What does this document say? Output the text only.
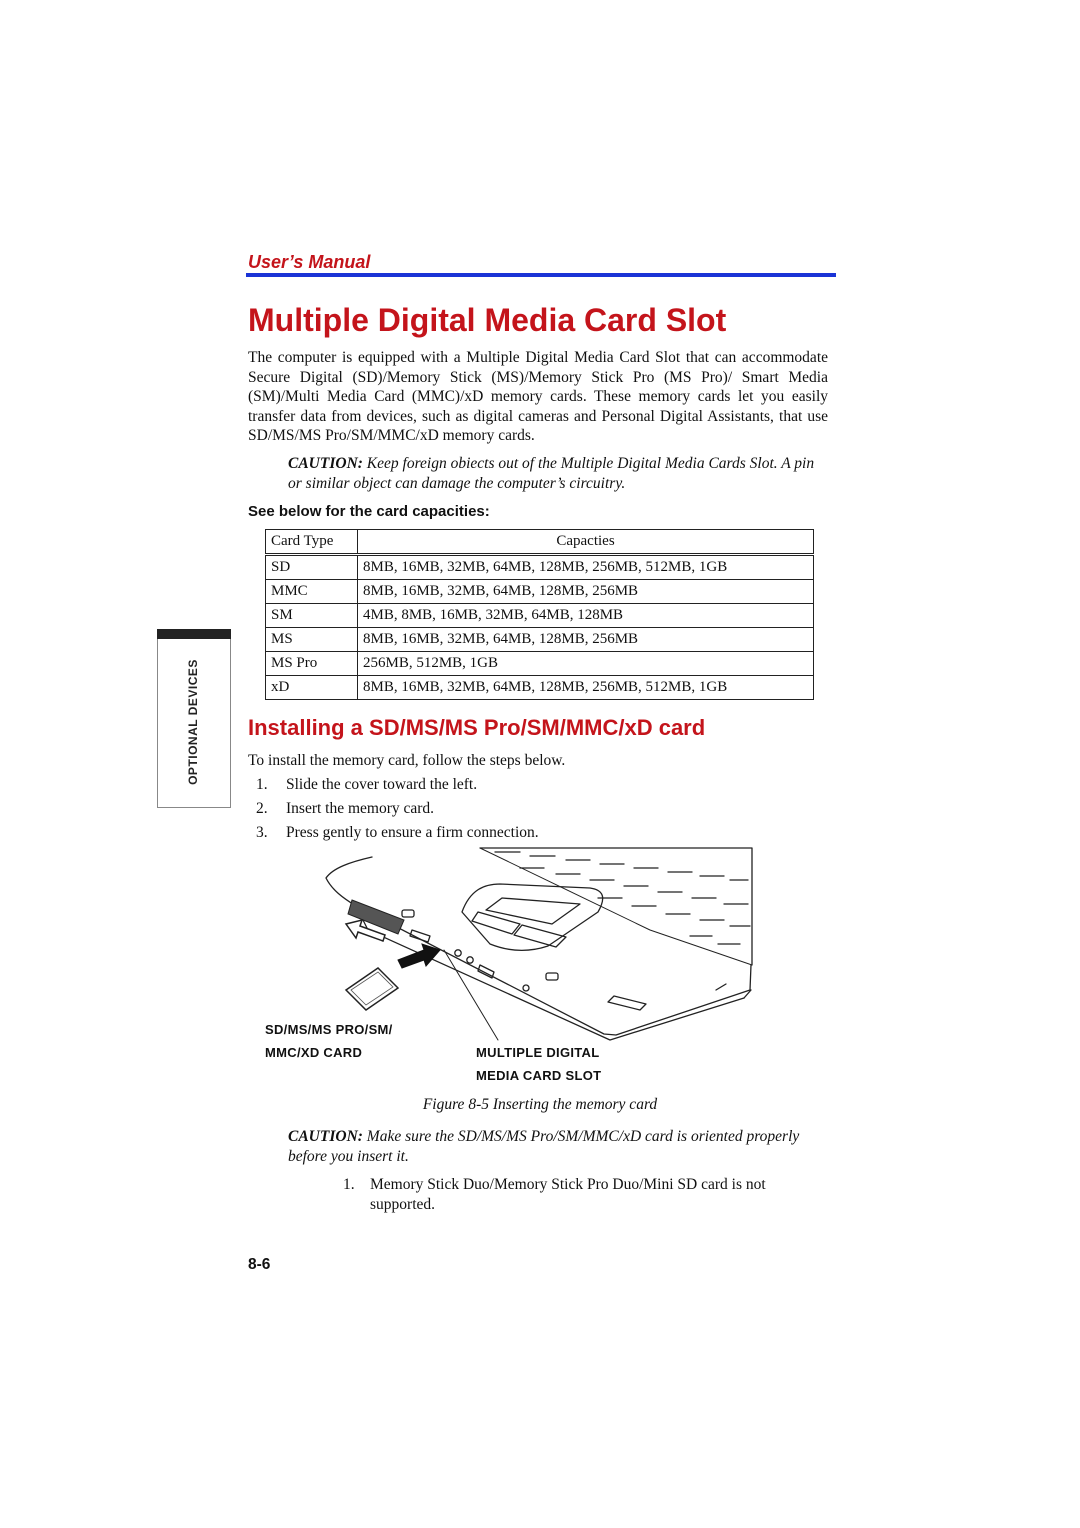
User’s Manual
Multiple Digital Media Card Slot
The computer is equipped with a Multiple Digital Media Card Slot that can accommodate Secure Digital (SD)/Memory Stick (MS)/Memory Stick Pro (MS Pro)/ Smart Media (SM)/Multi Media Card (MMC)/xD memory cards. These memory cards let you easily transfer data from devices, such as digital cameras and Personal Digital Assistants, that use SD/MS/MS Pro/SM/MMC/xD memory cards.
CAUTION: Keep foreign obiects out of the Multiple Digital Media Cards Slot. A pin or similar object can damage the computer’s circuitry.
See below for the card capacities:
Card Type	Capacties
SD	8MB, 16MB, 32MB, 64MB, 128MB, 256MB, 512MB, 1GB
MMC	8MB, 16MB, 32MB, 64MB, 128MB, 256MB
SM	4MB, 8MB, 16MB, 32MB, 64MB, 128MB
MS	8MB, 16MB, 32MB, 64MB, 128MB, 256MB
MS Pro	256MB, 512MB, 1GB
xD	8MB, 16MB, 32MB, 64MB, 128MB, 256MB, 512MB, 1GB
OPTIONAL DEVICES Installing a SD/MS/MS Pro/SM/MMC/xD card
To install the memory card, follow the steps below.
1. Slide the cover toward the left.
2. Insert the memory card.
3. Press gently to ensure a firm connection.
SD/MS/MS PRO/SM/
MMC/XD CARD	MULTIPLE DIGITAL
MEDIA CARD SLOT
Figure 8-5 Inserting the memory card
CAUTION: Make sure the SD/MS/MS Pro/SM/MMC/xD card is oriented properly before you insert it.
1. Memory Stick Duo/Memory Stick Pro Duo/Mini SD card is not supported.
8-6
